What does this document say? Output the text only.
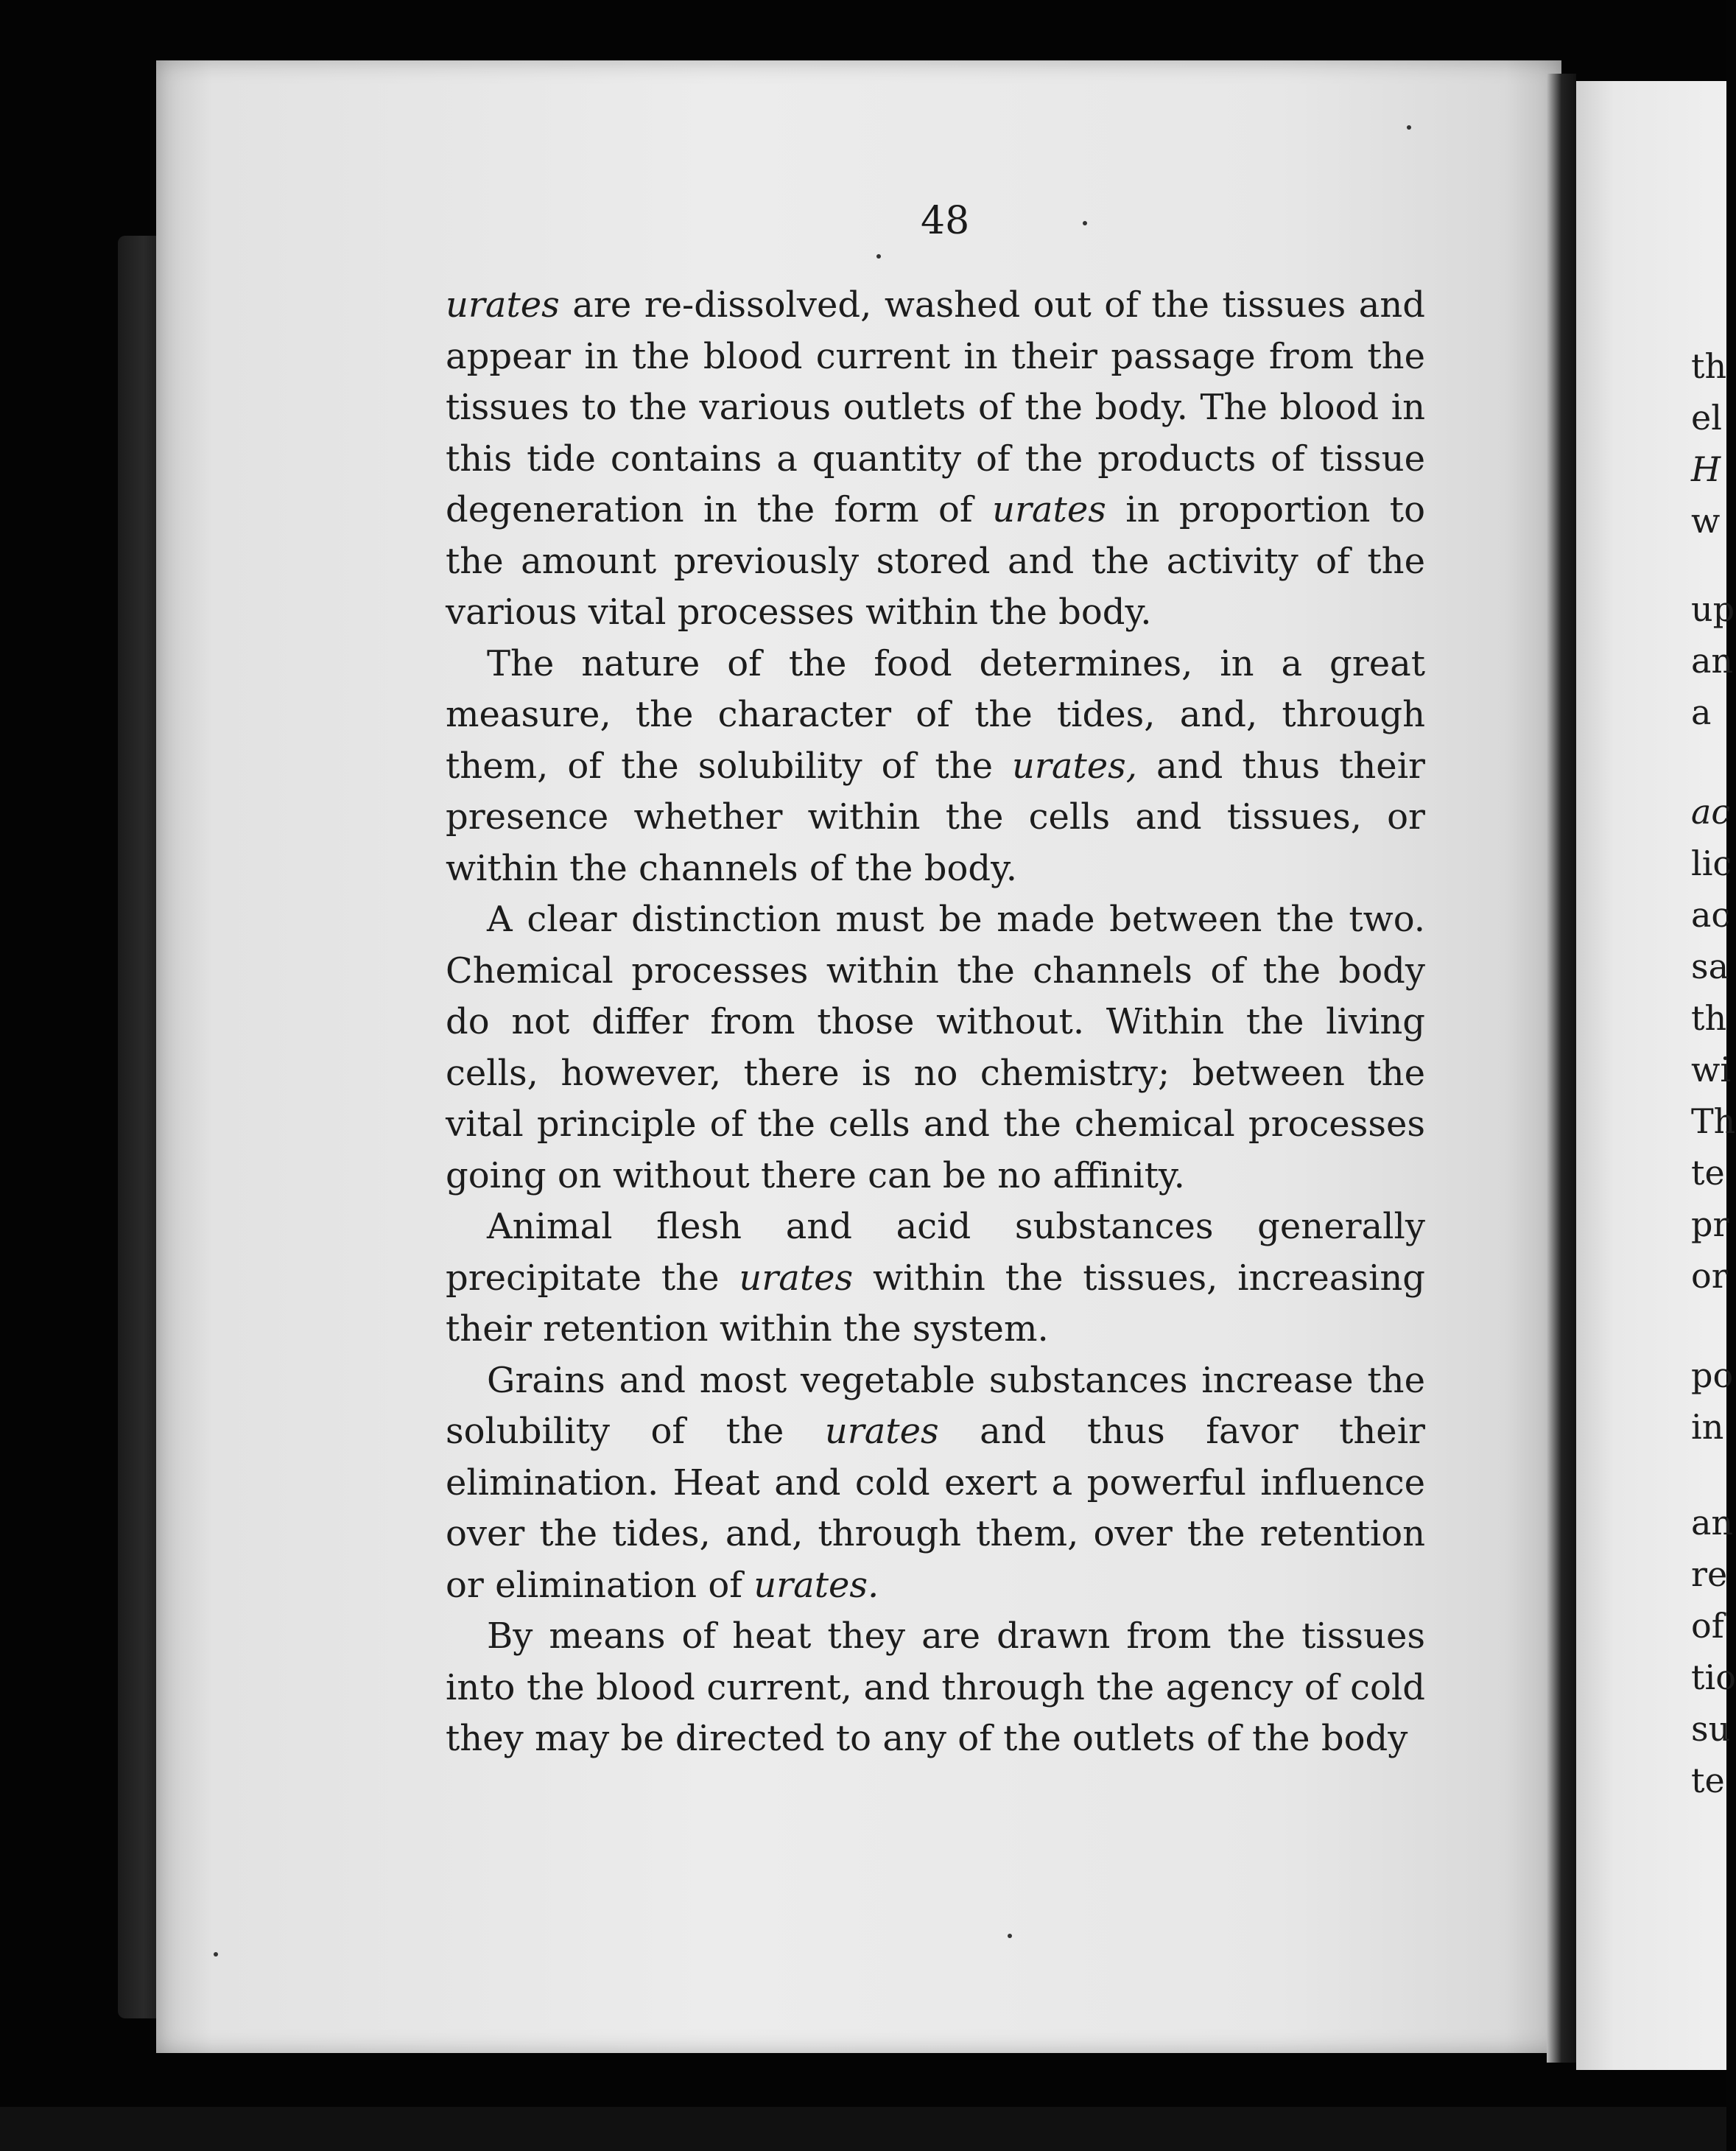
48

urates are re-dissolved, washed out of the tissues and appear in the blood current in their passage from the tissues to the various outlets of the body. The blood in this tide contains a quantity of the products of tissue degeneration in the form of urates in proportion to the amount previously stored and the activity of the various vital processes within the body.

The nature of the food determines, in a great measure, the character of the tides, and, through them, of the solubility of the urates, and thus their presence whether within the cells and tissues, or within the channels of the body.

A clear distinction must be made between the two. Chemical processes within the channels of the body do not differ from those without. Within the living cells, however, there is no chemistry; between the vital principle of the cells and the chemical processes going on without there can be no affinity.

Animal flesh and acid substances generally precipitate the urates within the tissues, increasing their retention within the system.

Grains and most vegetable substances increase the solubility of the urates and thus favor their elimination. Heat and cold exert a powerful influence over the tides, and, through them, over the retention or elimination of urates.

By means of heat they are drawn from the tissues into the blood current, and through the agency of cold they may be directed to any of the outlets of the body

th
el
H
w
up
an
a
ac
lic
ac
sa
th
wi
Th
te
pr
or
po
in
an
re
of
tio
su
te
